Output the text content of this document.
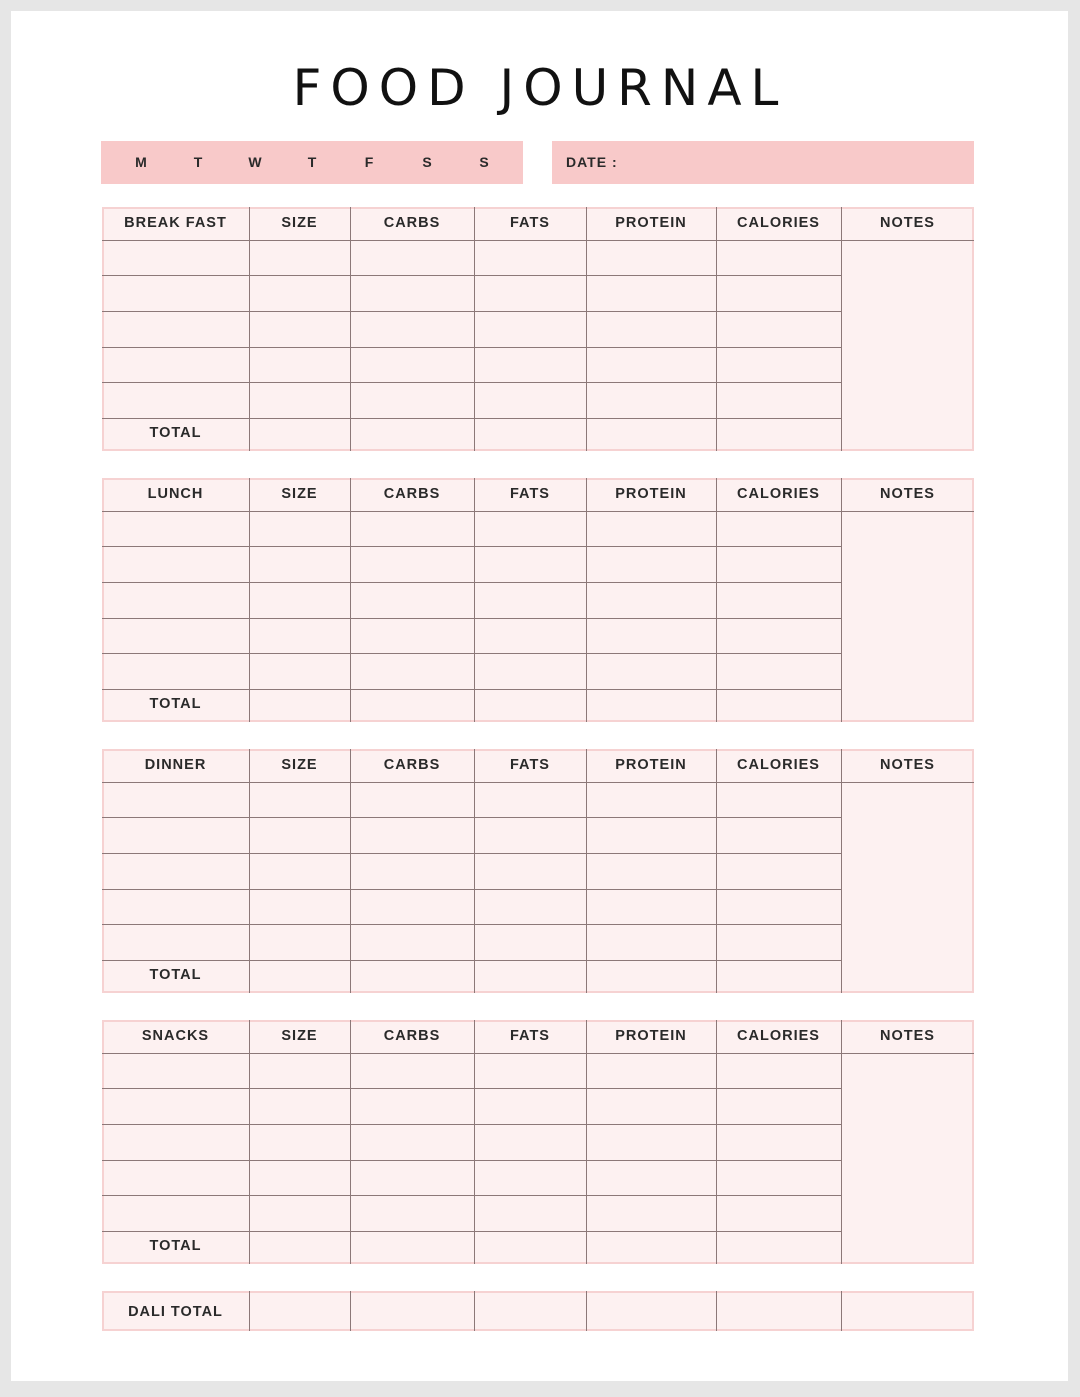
FOOD JOURNAL
M	T	W	T	F	S	S	DATE :
BREAK FAST	SIZE	CARBS	FATS	PROTEIN	CALORIES	NOTES
TOTAL
LUNCH	SIZE	CARBS	FATS	PROTEIN	CALORIES	NOTES
TOTAL
DINNER	SIZE	CARBS	FATS	PROTEIN	CALORIES	NOTES
TOTAL
SNACKS	SIZE	CARBS	FATS	PROTEIN	CALORIES	NOTES
TOTAL
DALI TOTAL
